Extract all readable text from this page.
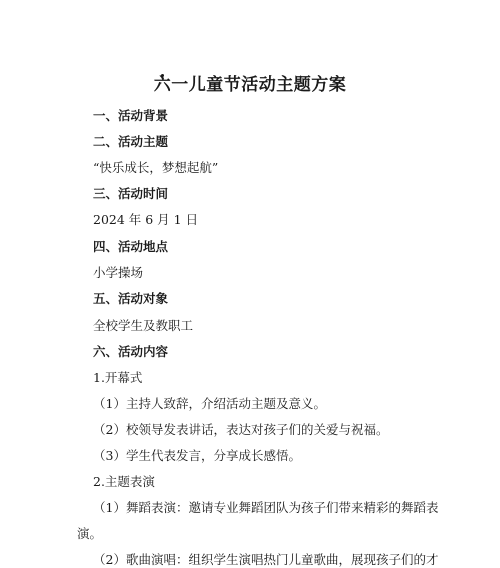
六一儿童节活动主题方案
一、活动背景
二、活动主题
“快乐成长，梦想起航”
三、活动时间
2024 年 6 月 1 日
四、活动地点
小学操场
五、活动对象
全校学生及教职工
六、活动内容
1.开幕式
（1）主持人致辞，介绍活动主题及意义。
（2）校领导发表讲话，表达对孩子们的关爱与祝福。
（3）学生代表发言，分享成长感悟。
2.主题表演
（1）舞蹈表演：邀请专业舞蹈团队为孩子们带来精彩的舞蹈表
演。
（2）歌曲演唱：组织学生演唱热门儿童歌曲，展现孩子们的才
